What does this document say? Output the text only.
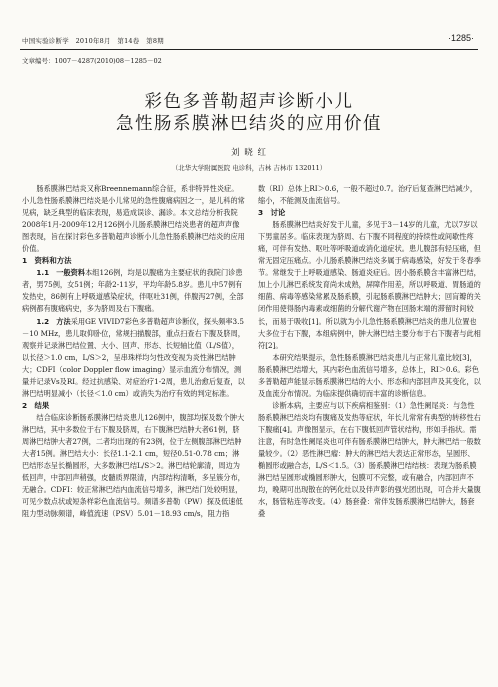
中国实验诊断学　2010年8月　第14卷　第8期	·1285·
文章编号：1007－4287(2010)08－1285－02
彩色多普勒超声诊断小儿
急性肠系膜淋巴结炎的应用价值
刘 晓 红
（北华大学附属医院 电诊科，吉林 吉林市 132011）

肠系膜淋巴结炎又称Breennemann综合征，系非特异性炎症。小儿急性肠系膜淋巴结炎是小儿常见的急性腹痛病因之一，是儿科的常见病，缺乏典型的临床表现，易造成误诊、漏诊。本文总结分析我院2008年1月-2009年12月126例小儿肠系膜淋巴结炎患者的超声声像图表现，旨在探讨彩色多普勒超声诊断小儿急性肠系膜淋巴结炎的应用价值。

1　资料和方法

1.1　一般资料本组126例，均是以腹痛为主要症状的我院门诊患者，男75例，女51例；年龄2-11岁，平均年龄5.8岁。患儿中57例有发热史，86例有上呼吸道感染症状，伴呕吐31例，伴腹泻27例，全部病例都有腹痛病史，多为脐周及右下腹痛。

1.2　方法采用GE VIVID7彩色多普勒超声诊断仪，探头频率3.5－10 MHz，患儿取仰卧位，常规扫描腹部，重点扫查右下腹及脐周，观察并记录淋巴结位置、大小、回声、形态、长短轴比值（L/S值），以长径＞1.0 cm，L/S＞2，呈串珠样均匀性改变视为炎性淋巴结肿大；CDFI（color Doppler flow imaging）显示血流分布情况，测量并记录Vs及RI。经过抗感染、对症治疗1-2周，患儿治愈后复查，以淋巴结明显减小（长径＜1.0 cm）或消失为治疗有效的判定标准。

2　结果

结合临床诊断肠系膜淋巴结炎患儿126例中，腹部均探及数个肿大淋巴结，其中多数位于右下腹及脐周，右下腹淋巴结肿大者61例，脐周淋巴结肿大者27例，二者均出现的有23例，位于左侧腹部淋巴结肿大者15例。淋巴结大小：长径1.1-2.1 cm，短径0.51-0.78 cm；淋巴结形态呈长椭圆形，大多数淋巴结L/S＞2。淋巴结轮廓清，周边为低回声，中部回声稍强，皮髓质界限清，内部结构清晰，多呈簇分布，无融合。CDFI：较正常淋巴结内血流信号增多，淋巴结门处较明显，可见少数点状或短条样彩色血流信号。频谱多普勒（PW）探及低速低阻力型动脉频谱，峰值流速（PSV）5.01－18.93 cm/s，阻力指

数（RI）总体上RI＞0.6，一般不超过0.7。治疗后复查淋巴结减少，缩小，不能测及血流信号。

3　讨论

肠系膜淋巴结炎好发于儿童，多见于3－14岁的儿童，尤以7岁以下男童居多。临床表现为脐周、右下腹不同程度的持续性或间歇性疼痛，可伴有发热、呕吐等呼吸道或消化道症状。患儿腹部有轻压痛，但常无固定压痛点。小儿肠系膜淋巴结炎多属于病毒感染，好发于冬春季节。常继发于上呼吸道感染、肠道炎症后。因小肠系膜含丰富淋巴结，加上小儿淋巴系统发育尚未成熟，屏障作用差，所以呼吸道、胃肠道的细菌、病毒等感染常累及肠系膜，引起肠系膜淋巴结肿大；回肓瓣的关闭作用使得肠内毒素或细菌的分解代谢产物在回肠末端的滞留时间较长，而易于吸收[1]。所以就为小儿急性肠系膜淋巴结炎的患儿位置也大多位于右下腹，本组病例中，肿大淋巴结主要分布于右下腹者与此相符[2]。

本研究结果提示，急性肠系膜淋巴结炎患儿与正常儿童比较[3]，肠系膜淋巴结增大，其内彩色血流信号增多，总体上，RI＞0.6。彩色多普勒超声能显示肠系膜淋巴结的大小、形态和内部回声及其变化，以及血流分布情况。为临床提供确切而丰富的诊断信息。

诊断本病，主要应与以下疾病相鉴别：（1）急性阑尾炎：与急性肠系膜淋巴结炎均有腹痛及发热等症状，年长儿常常有典型的转移性右下腹痛[4]。声像图显示，在右下腹低回声管状结构，形如手指状。需注意，有时急性阑尾炎也可伴有肠系膜淋巴结肿大，肿大淋巴结一般数量较少。（2）恶性淋巴瘤：肿大的淋巴结大表达正常形态，呈圆形、椭圆形或融合态，L/S＜1.5。（3）肠系膜淋巴结结核：表现为肠系膜淋巴结呈圆形或椭圆形肿大，包膜可不完整，或有融合，内部回声不均，晚期可出现散在的钙化灶以及伴声影的强光团出现，可合并大量腹水，肠管粘连等改变。（4）肠套叠：常伴发肠系膜淋巴结肿大，肠套叠
